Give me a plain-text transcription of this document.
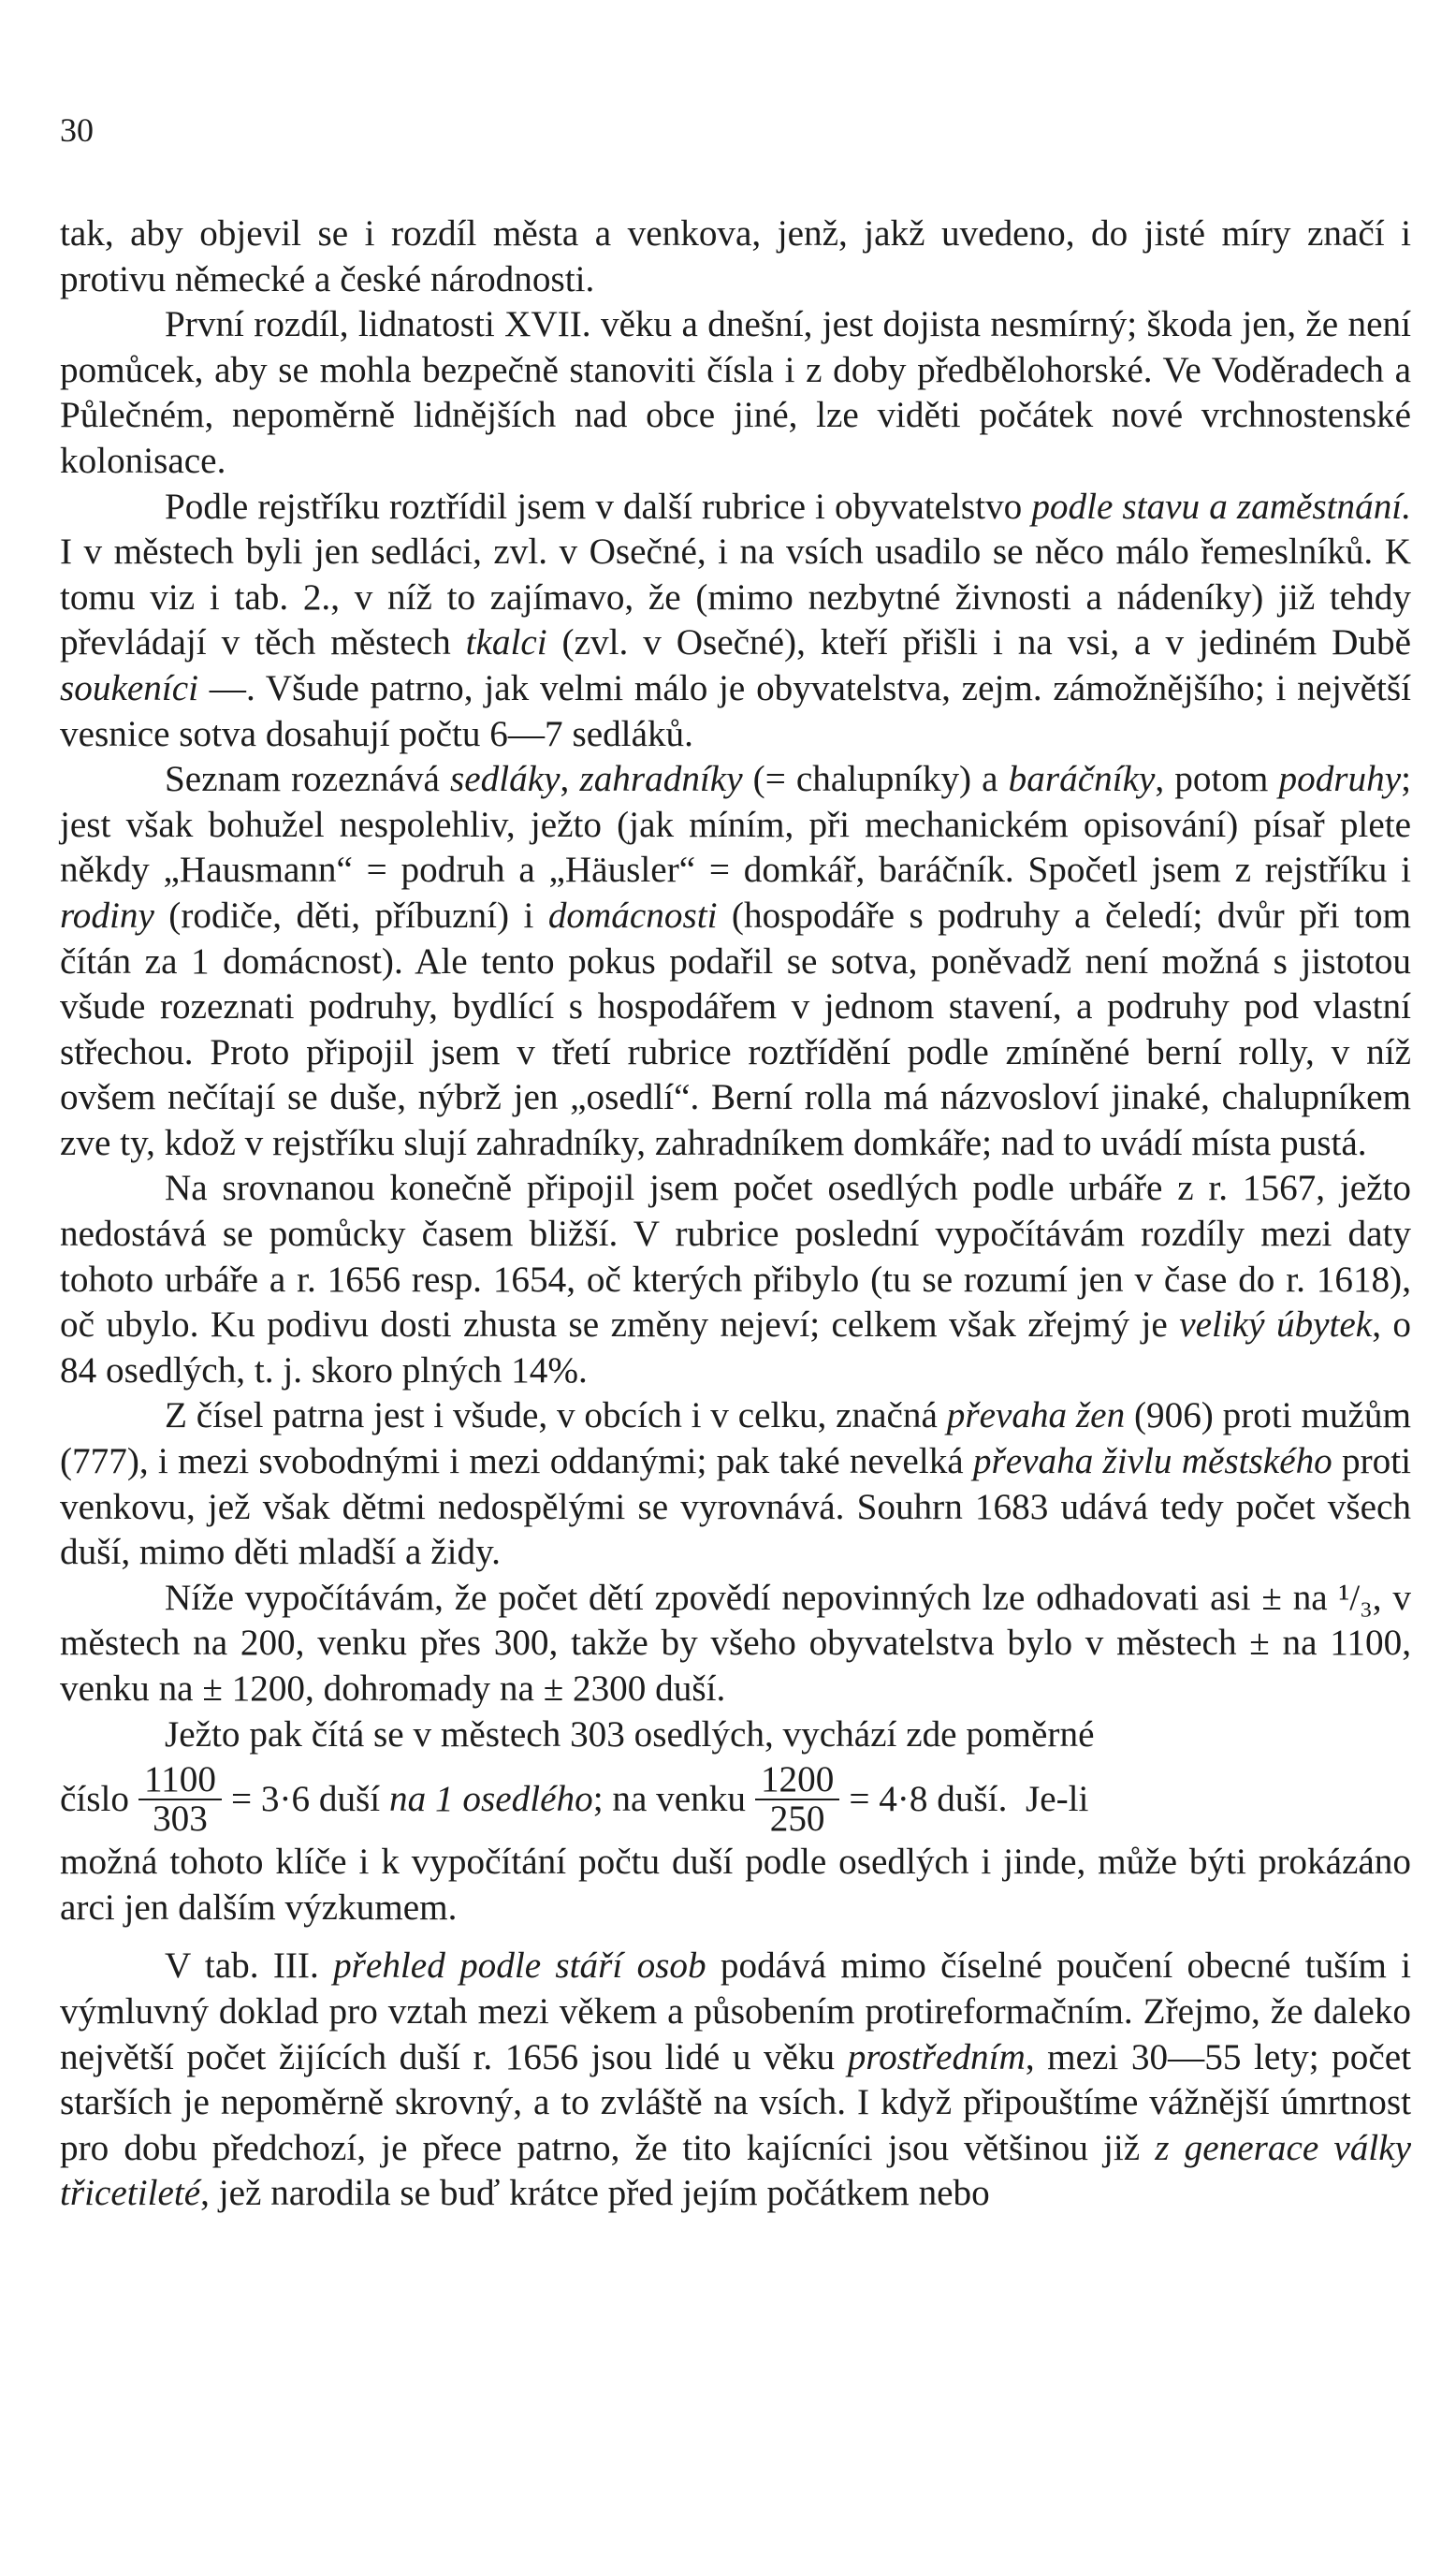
30

tak, aby objevil se i rozdíl města a venkova, jenž, jakž uvedeno, do jisté míry značí i protivu německé a české národnosti.

První rozdíl, lidnatosti XVII. věku a dnešní, jest dojista nesmírný; škoda jen, že není pomůcek, aby se mohla bezpečně stanoviti čísla i z doby předbělohorské. Ve Voděradech a Půlečném, nepoměrně lidnějších nad obce jiné, lze viděti počátek nové vrchnostenské kolonisace.

Podle rejstříku roztřídil jsem v další rubrice i obyvatelstvo podle stavu a zaměstnání. I v městech byli jen sedláci, zvl. v Osečné, i na vsích usadilo se něco málo řemeslníků. K tomu viz i tab. 2., v níž to zajímavo, že (mimo nezbytné živnosti a nádeníky) již tehdy převládají v těch městech tkalci (zvl. v Osečné), kteří přišli i na vsi, a v jediném Dubě soukeníci —. Všude patrno, jak velmi málo je obyvatelstva, zejm. zámožnějšího; i největší vesnice sotva dosahují počtu 6—7 sedláků.

Seznam rozeznává sedláky, zahradníky (= chalupníky) a baráčníky, potom podruhy; jest však bohužel nespolehliv, ježto (jak míním, při mechanickém opisování) písař plete někdy „Hausmann“ = podruh a „Häusler“ = domkář, baráčník. Spočetl jsem z rejstříku i rodiny (rodiče, děti, příbuzní) i domácnosti (hospodáře s podruhy a čeledí; dvůr při tom čítán za 1 domácnost). Ale tento pokus podařil se sotva, poněvadž není možná s jistotou všude rozeznati podruhy, bydlící s hospodářem v jednom stavení, a podruhy pod vlastní střechou. Proto připojil jsem v třetí rubrice roztřídění podle zmíněné berní rolly, v níž ovšem nečítají se duše, nýbrž jen „osedlí“. Berní rolla má názvosloví jinaké, chalupníkem zve ty, kdož v rejstříku slují zahradníky, zahradníkem domkáře; nad to uvádí místa pustá.

Na srovnanou konečně připojil jsem počet osedlých podle urbáře z r. 1567, ježto nedostává se pomůcky časem bližší. V rubrice poslední vypočítávám rozdíly mezi daty tohoto urbáře a r. 1656 resp. 1654, oč kterých přibylo (tu se rozumí jen v čase do r. 1618), oč ubylo. Ku podivu dosti zhusta se změny nejeví; celkem však zřejmý je veliký úbytek, o 84 osedlých, t. j. skoro plných 14%.

Z čísel patrna jest i všude, v obcích i v celku, značná převaha žen (906) proti mužům (777), i mezi svobodnými i mezi oddanými; pak také nevelká převaha živlu městského proti venkovu, jež však dětmi nedospělými se vyrovnává. Souhrn 1683 udává tedy počet všech duší, mimo děti mladší a židy.

Níže vypočítávám, že počet dětí zpovědí nepovinných lze odhadovati asi ± na ¹/₃, v městech na 200, venku přes 300, takže by všeho obyvatelstva bylo v městech ± na 1100, venku na ± 1200, dohromady na ± 2300 duší.

Ježto pak čítá se v městech 303 osedlých, vychází zde poměrné

číslo $\frac{1100}{303} = 3\cdot 6$ duší
na 1 osedlého ; na venku $\frac{1200}{250} = 4\cdot 8$ duší.  Je-li

možná tohoto klíče i k vypočítání počtu duší podle osedlých i jinde, může býti prokázáno arci jen dalším výzkumem.

V tab. III. přehled podle stáří osob podává mimo číselné poučení obecné tuším i výmluvný doklad pro vztah mezi věkem a působením protireformačním. Zřejmo, že daleko největší počet žijících duší r. 1656 jsou lidé u věku prostředním, mezi 30—55 lety; počet starších je nepoměrně skrovný, a to zvláště na vsích. I když připouštíme vážnější úmrtnost pro dobu předchozí, je přece patrno, že tito kajícníci jsou většinou již z generace války třicetileté, jež narodila se buď krátce před jejím počátkem nebo
